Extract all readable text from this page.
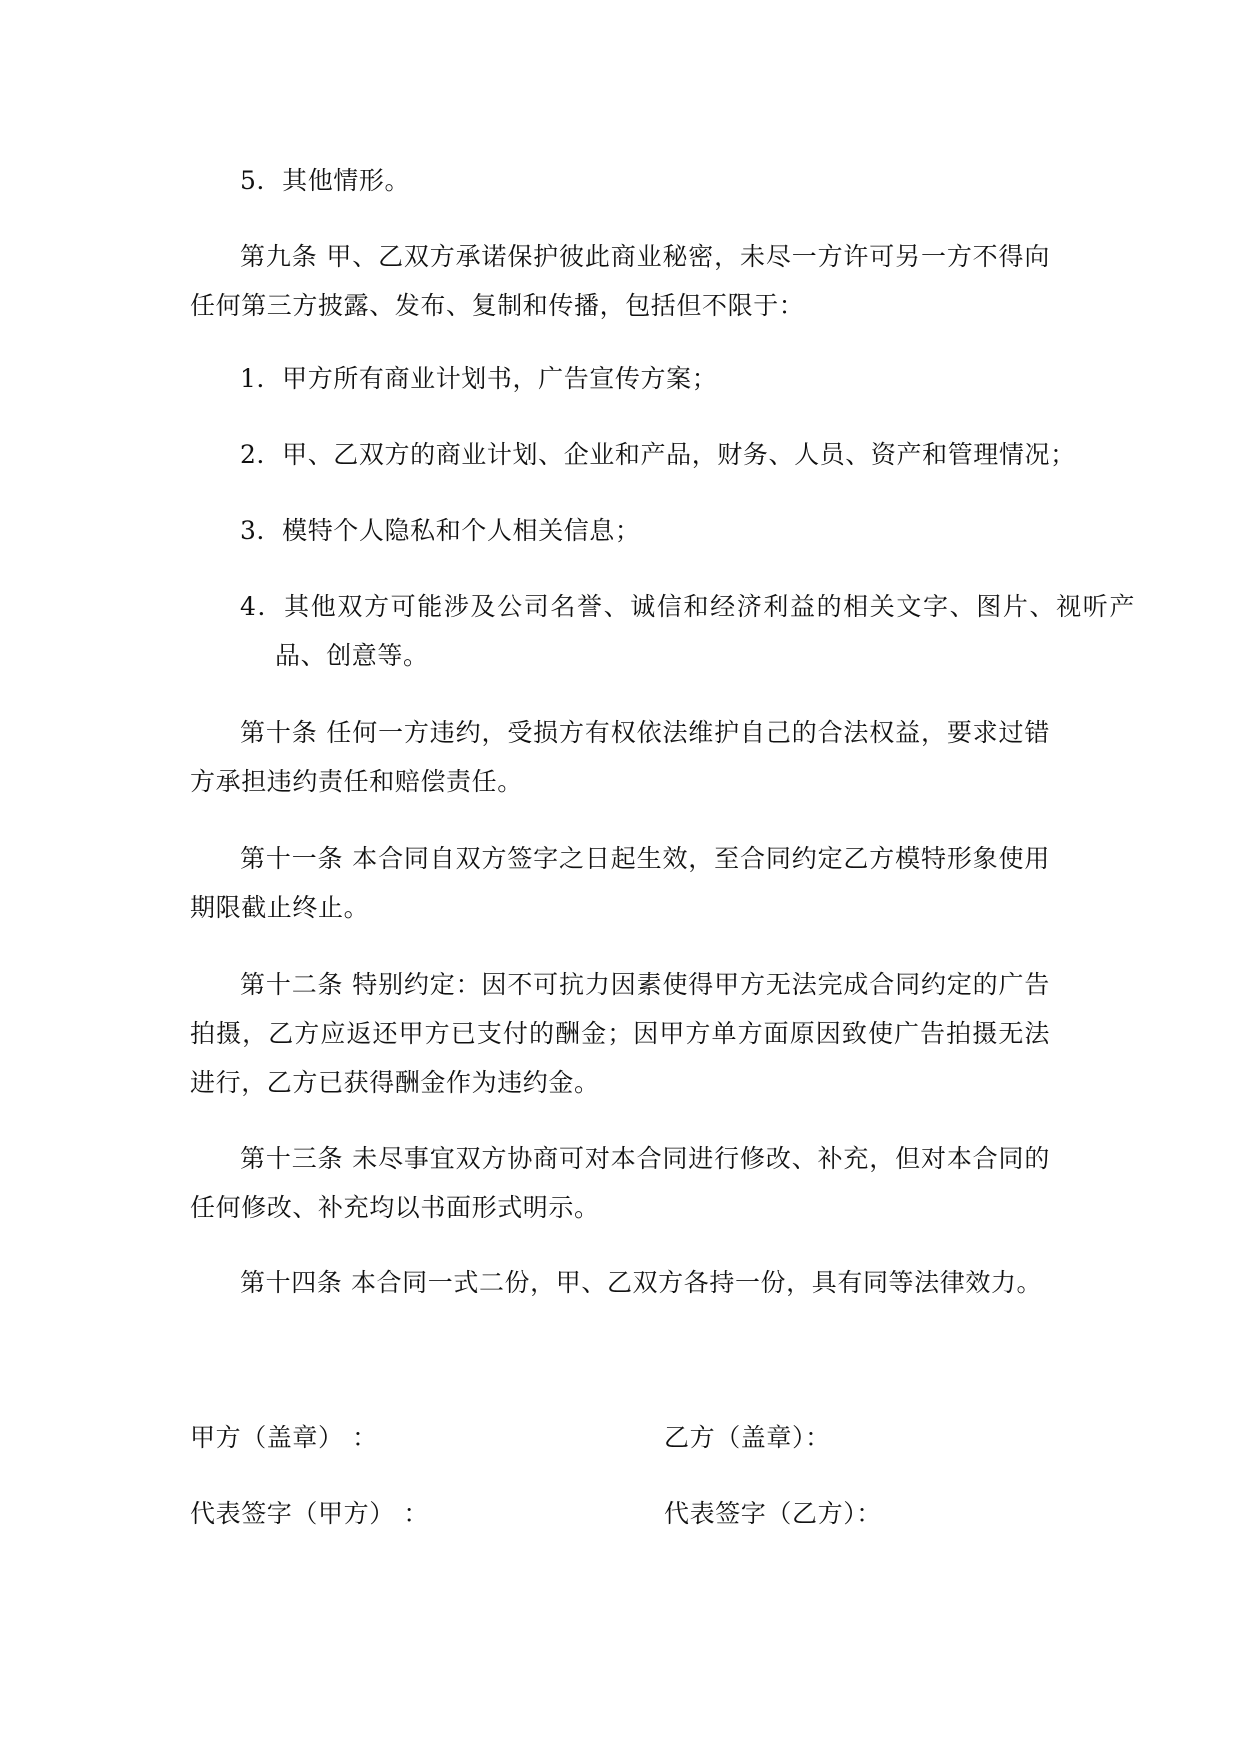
5．其他情形。
第九条 甲、乙双方承诺保护彼此商业秘密，未尽一方许可另一方不得向任何第三方披露、发布、复制和传播，包括但不限于：
1．甲方所有商业计划书，广告宣传方案；
2．甲、乙双方的商业计划、企业和产品，财务、人员、资产和管理情况；
3．模特个人隐私和个人相关信息；
4．其他双方可能涉及公司名誉、诚信和经济利益的相关文字、图片、视听产品、创意等。
第十条 任何一方违约，受损方有权依法维护自己的合法权益，要求过错方承担违约责任和赔偿责任。
第十一条 本合同自双方签字之日起生效，至合同约定乙方模特形象使用期限截止终止。
第十二条 特别约定：因不可抗力因素使得甲方无法完成合同约定的广告拍摄，乙方应返还甲方已支付的酬金；因甲方单方面原因致使广告拍摄无法进行，乙方已获得酬金作为违约金。
第十三条 未尽事宜双方协商可对本合同进行修改、补充，但对本合同的任何修改、补充均以书面形式明示。
第十四条 本合同一式二份，甲、乙双方各持一份，具有同等法律效力。
甲方（盖章） ：	乙方（盖章）：
代表签字（甲方） ：	代表签字（乙方）：
